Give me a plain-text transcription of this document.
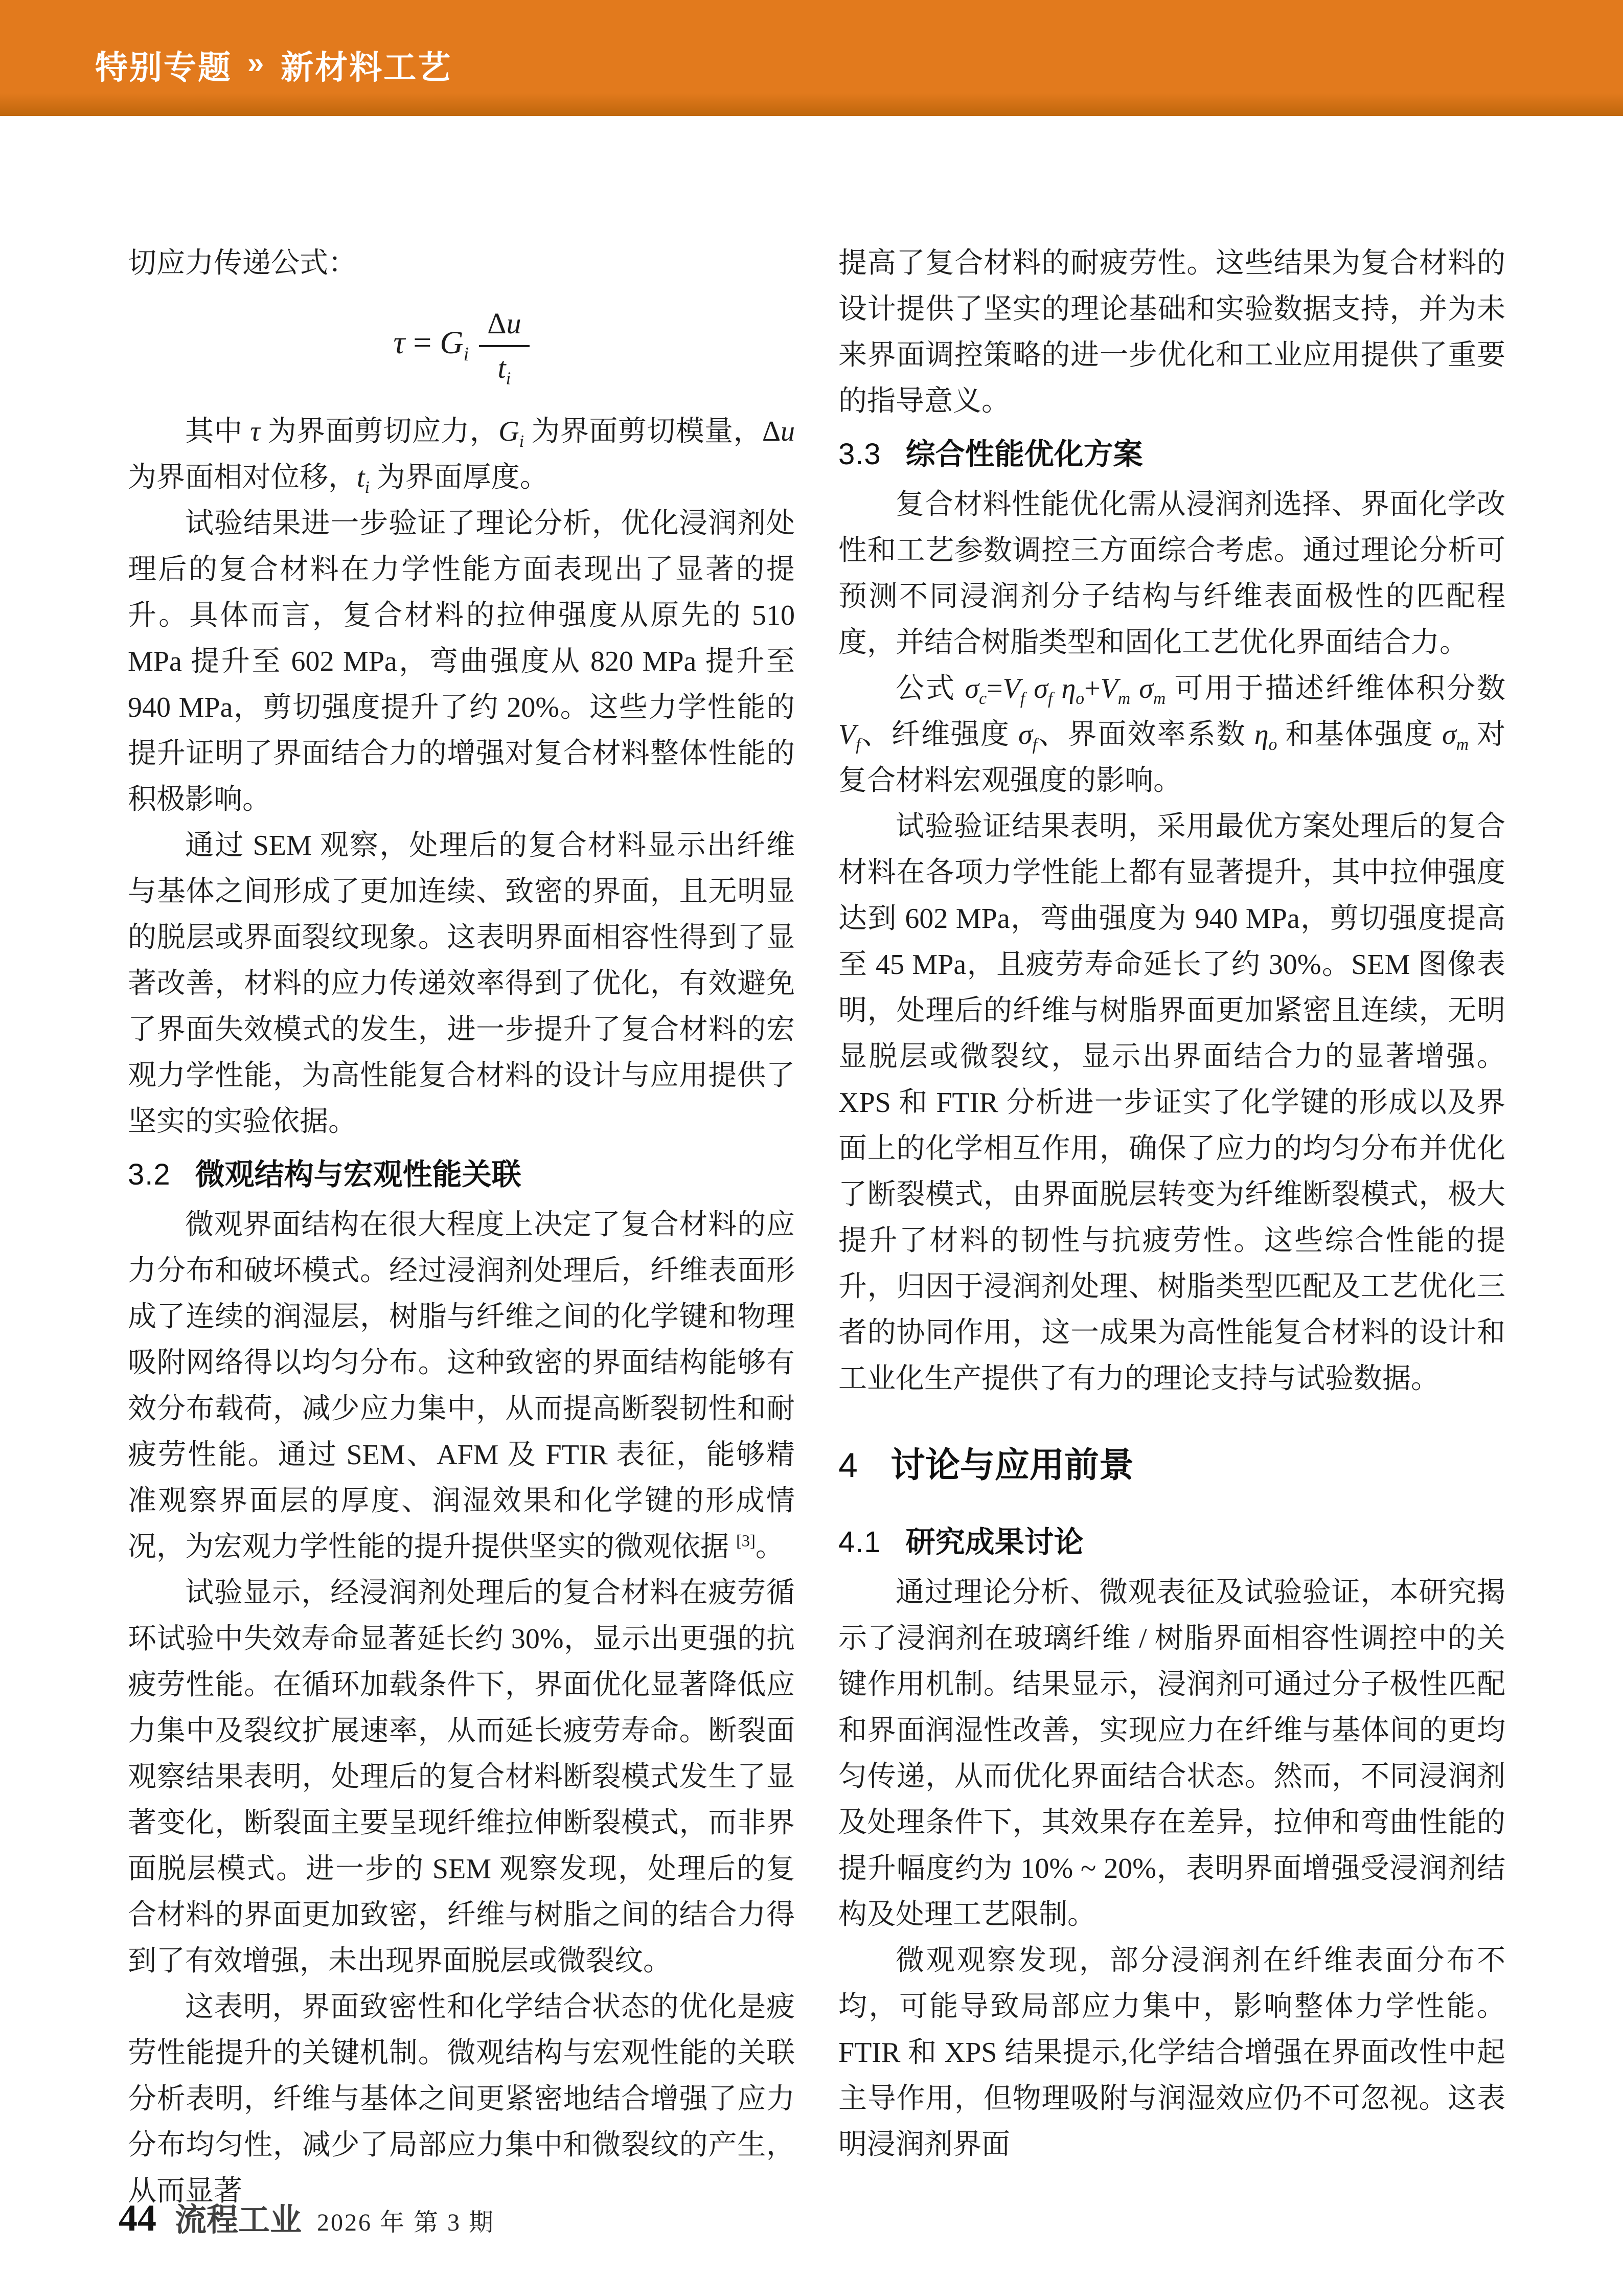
特别专题 » 新材料工艺

切应力传递公式：

$\tau = G_i \frac{\Delta u}{t_i}$

其中 τ 为界面剪切应力，$G_i$ 为界面剪切模量，Δu 为界面相对位移，$t_i$ 为界面厚度。

试验结果进一步验证了理论分析，优化浸润剂处理后的复合材料在力学性能方面表现出了显著的提升。具体而言，复合材料的拉伸强度从原先的 510 MPa 提升至 602 MPa，弯曲强度从 820 MPa 提升至 940 MPa，剪切强度提升了约 20%。这些力学性能的提升证明了界面结合力的增强对复合材料整体性能的积极影响。

通过 SEM 观察，处理后的复合材料显示出纤维与基体之间形成了更加连续、致密的界面，且无明显的脱层或界面裂纹现象。这表明界面相容性得到了显著改善，材料的应力传递效率得到了优化，有效避免了界面失效模式的发生，进一步提升了复合材料的宏观力学性能，为高性能复合材料的设计与应用提供了坚实的实验依据。

3.2 微观结构与宏观性能关联

微观界面结构在很大程度上决定了复合材料的应力分布和破坏模式。经过浸润剂处理后，纤维表面形成了连续的润湿层，树脂与纤维之间的化学键和物理吸附网络得以均匀分布。这种致密的界面结构能够有效分布载荷，减少应力集中，从而提高断裂韧性和耐疲劳性能。通过 SEM、AFM 及 FTIR 表征，能够精准观察界面层的厚度、润湿效果和化学键的形成情况，为宏观力学性能的提升提供坚实的微观依据 [3]。

试验显示，经浸润剂处理后的复合材料在疲劳循环试验中失效寿命显著延长约 30%，显示出更强的抗疲劳性能。在循环加载条件下，界面优化显著降低应力集中及裂纹扩展速率，从而延长疲劳寿命。断裂面观察结果表明，处理后的复合材料断裂模式发生了显著变化，断裂面主要呈现纤维拉伸断裂模式，而非界面脱层模式。进一步的 SEM 观察发现，处理后的复合材料的界面更加致密，纤维与树脂之间的结合力得到了有效增强，未出现界面脱层或微裂纹。

这表明，界面致密性和化学结合状态的优化是疲劳性能提升的关键机制。微观结构与宏观性能的关联分析表明，纤维与基体之间更紧密地结合增强了应力分布均匀性，减少了局部应力集中和微裂纹的产生，从而显著

提高了复合材料的耐疲劳性。这些结果为复合材料的设计提供了坚实的理论基础和实验数据支持，并为未来界面调控策略的进一步优化和工业应用提供了重要的指导意义。

3.3 综合性能优化方案

复合材料性能优化需从浸润剂选择、界面化学改性和工艺参数调控三方面综合考虑。通过理论分析可预测不同浸润剂分子结构与纤维表面极性的匹配程度，并结合树脂类型和固化工艺优化界面结合力。

公式 $\sigma_c=V_f$ $\sigma_f$ $\eta_o+V_m$ $\sigma_m$ 可用于描述纤维体积分数 $V_f$、纤维强度 $\sigma_f$、界面效率系数 $\eta_o$ 和基体强度 $\sigma_m$ 对复合材料宏观强度的影响。

试验验证结果表明，采用最优方案处理后的复合材料在各项力学性能上都有显著提升，其中拉伸强度达到 602 MPa，弯曲强度为 940 MPa，剪切强度提高至 45 MPa，且疲劳寿命延长了约 30%。SEM 图像表明，处理后的纤维与树脂界面更加紧密且连续，无明显脱层或微裂纹，显示出界面结合力的显著增强。XPS 和 FTIR 分析进一步证实了化学键的形成以及界面上的化学相互作用，确保了应力的均匀分布并优化了断裂模式，由界面脱层转变为纤维断裂模式，极大提升了材料的韧性与抗疲劳性。这些综合性能的提升，归因于浸润剂处理、树脂类型匹配及工艺优化三者的协同作用，这一成果为高性能复合材料的设计和工业化生产提供了有力的理论支持与试验数据。

4 讨论与应用前景
4.1 研究成果讨论

通过理论分析、微观表征及试验验证，本研究揭示了浸润剂在玻璃纤维 / 树脂界面相容性调控中的关键作用机制。结果显示，浸润剂可通过分子极性匹配和界面润湿性改善，实现应力在纤维与基体间的更均匀传递，从而优化界面结合状态。然而，不同浸润剂及处理条件下，其效果存在差异，拉伸和弯曲性能的提升幅度约为 10% ~ 20%，表明界面增强受浸润剂结构及处理工艺限制。

微观观察发现，部分浸润剂在纤维表面分布不均，可能导致局部应力集中，影响整体力学性能。FTIR 和 XPS 结果提示,化学结合增强在界面改性中起主导作用，但物理吸附与润湿效应仍不可忽视。这表明浸润剂界面

44 流程工业 2026 年 第 3 期
